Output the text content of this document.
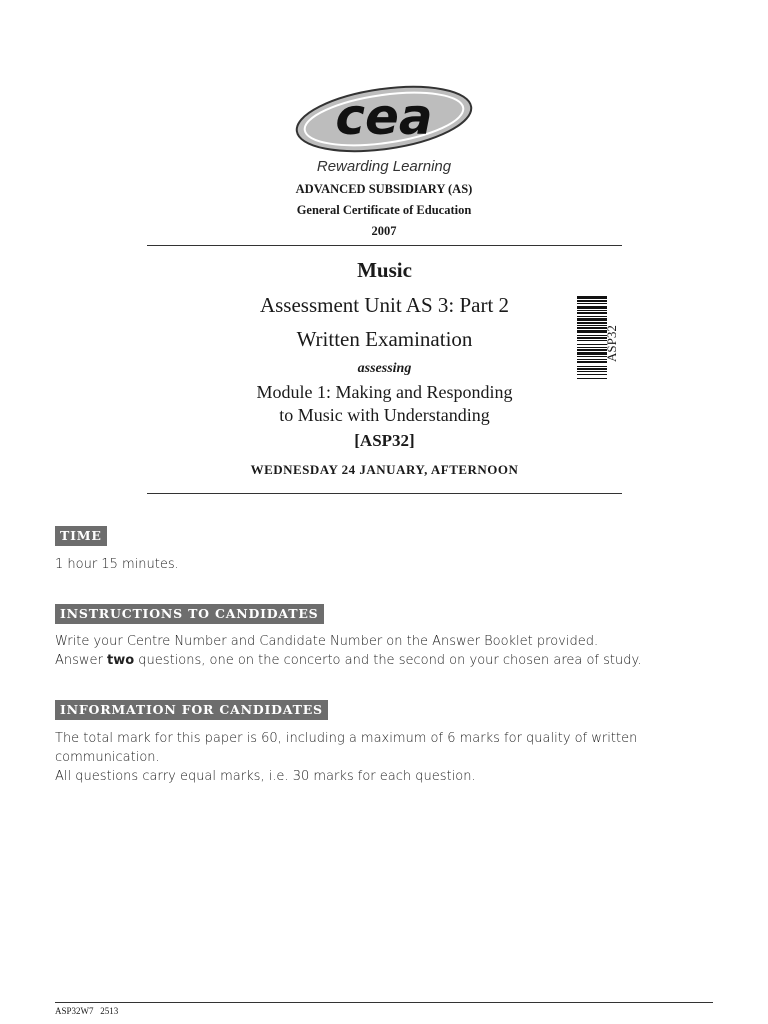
cea
Rewarding Learning
ADVANCED SUBSIDIARY (AS)
General Certificate of Education
2007
Music
Assessment Unit AS 3: Part 2
Written Examination
assessing
Module 1: Making and Responding
to Music with Understanding
[ASP32]
WEDNESDAY 24 JANUARY, AFTERNOON
ASP32
TIME
1 hour 15 minutes.
INSTRUCTIONS TO CANDIDATES
Write your Centre Number and Candidate Number on the Answer Booklet provided.
Answer two questions, one on the concerto and the second on your chosen area of study.
INFORMATION FOR CANDIDATES
The total mark for this paper is 60, including a maximum of 6 marks for quality of written communication.
All questions carry equal marks, i.e. 30 marks for each question.
ASP32W7 2513
